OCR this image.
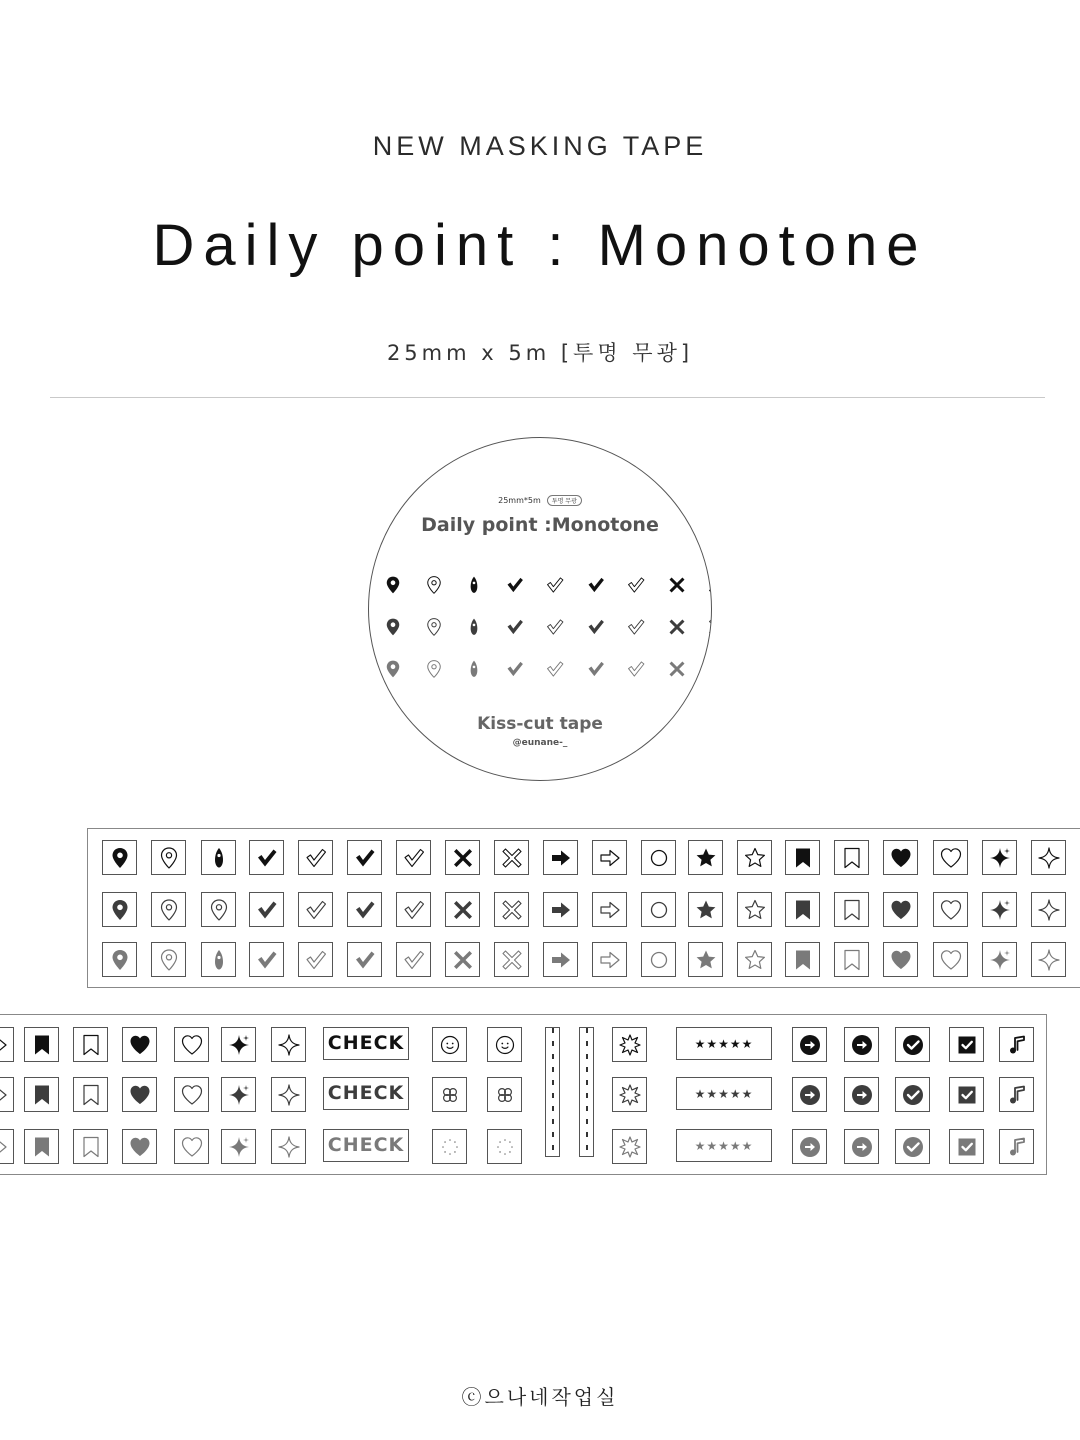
NEW MASKING TAPE
Daily point : Monotone
25mm x 5m [투명 무광]
25mm*5m 투명 무광
Daily point :Monotone
Kiss-cut tape
@eunane-_
CHECK	★★★★★
CHECK	★★★★★
CHECK	★★★★★
ⓒ으나네작업실
